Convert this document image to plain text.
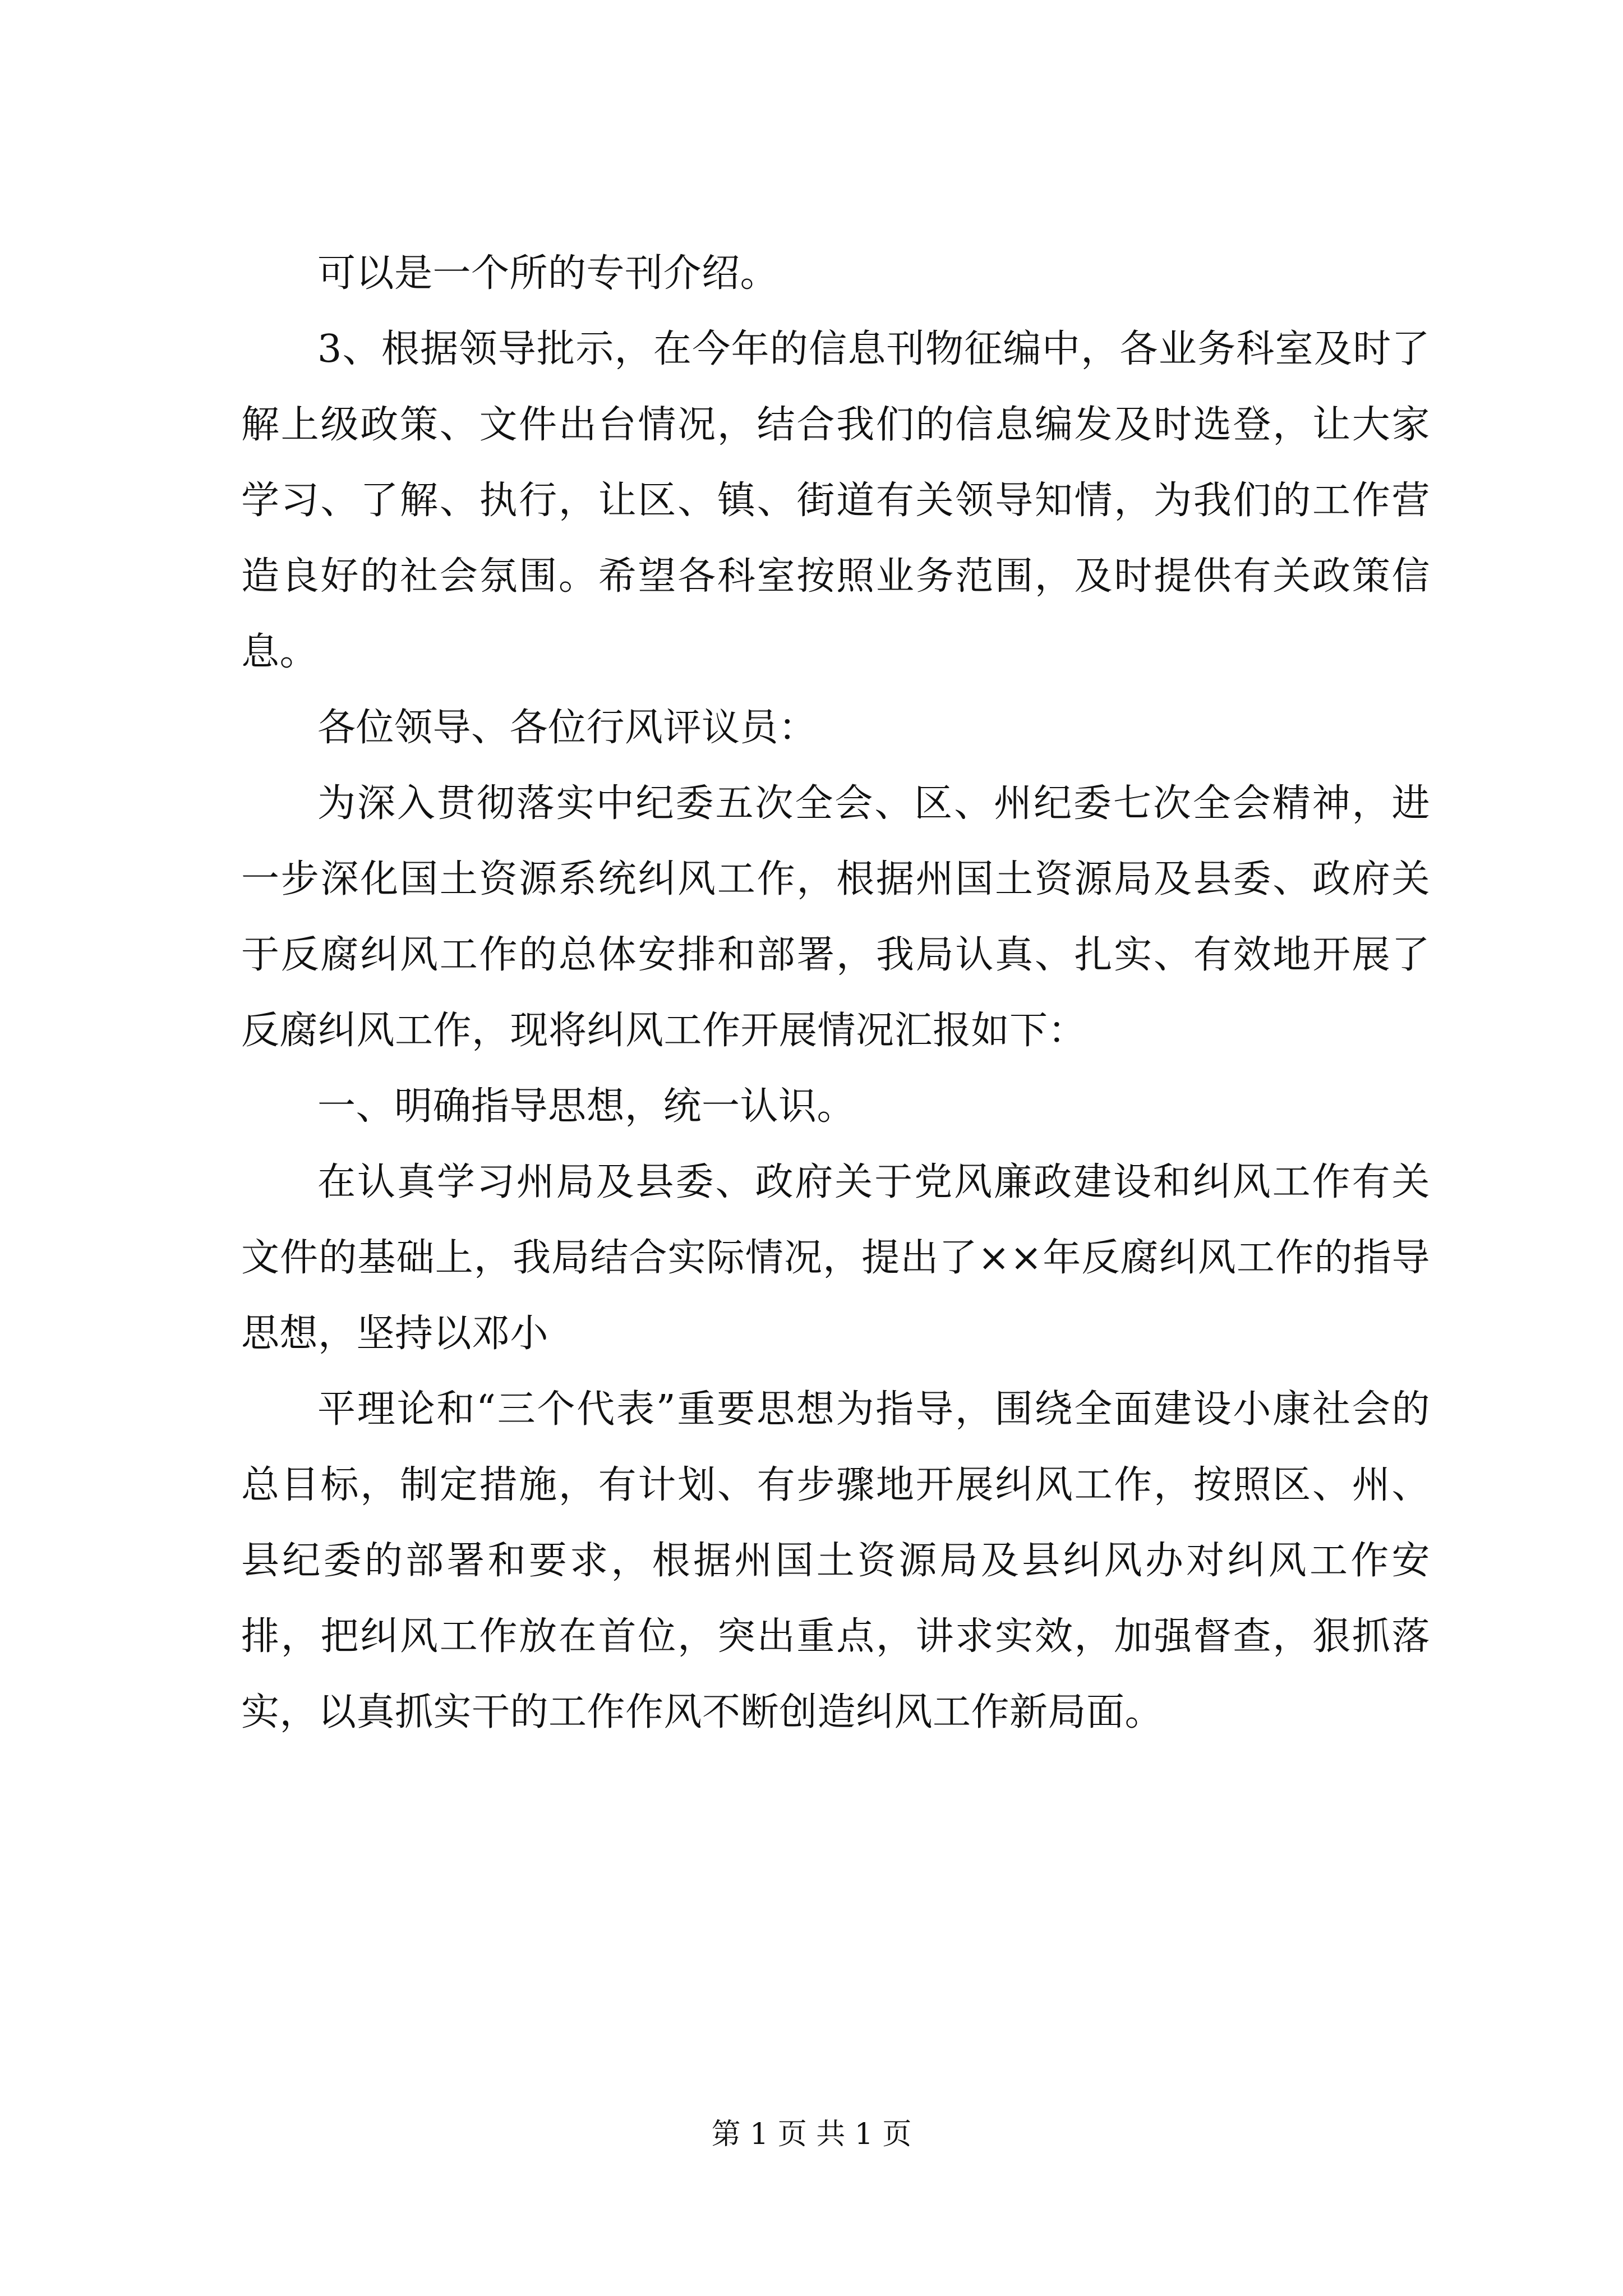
可以是一个所的专刊介绍。

3、根据领导批示，在今年的信息刊物征编中，各业务科室及时了解上级政策、文件出台情况，结合我们的信息编发及时选登，让大家学习、了解、执行，让区、镇、街道有关领导知情，为我们的工作营造良好的社会氛围。希望各科室按照业务范围，及时提供有关政策信息。

各位领导、各位行风评议员：

为深入贯彻落实中纪委五次全会、区、州纪委七次全会精神，进一步深化国土资源系统纠风工作，根据州国土资源局及县委、政府关于反腐纠风工作的总体安排和部署，我局认真、扎实、有效地开展了反腐纠风工作，现将纠风工作开展情况汇报如下：

一、明确指导思想，统一认识。

在认真学习州局及县委、政府关于党风廉政建设和纠风工作有关文件的基础上，我局结合实际情况，提出了××年反腐纠风工作的指导思想，坚持以邓小

平理论和“三个代表”重要思想为指导，围绕全面建设小康社会的总目标，制定措施，有计划、有步骤地开展纠风工作，按照区、州、县纪委的部署和要求，根据州国土资源局及县纠风办对纠风工作安排，把纠风工作放在首位，突出重点，讲求实效，加强督查，狠抓落实，以真抓实干的工作作风不断创造纠风工作新局面。

第 1 页 共 1 页
